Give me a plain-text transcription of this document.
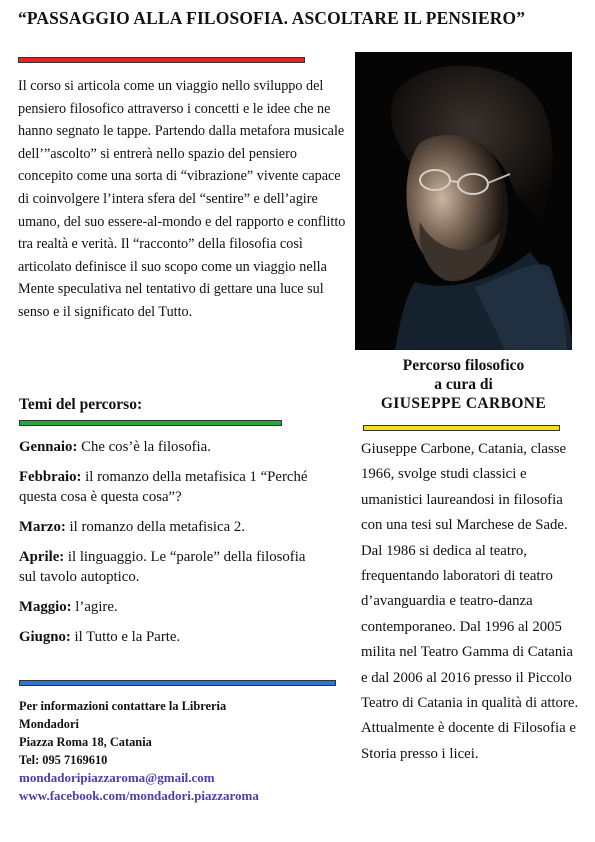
“PASSAGGIO ALLA FILOSOFIA. ASCOLTARE IL PENSIERO”

Il corso si articola come un viaggio nello sviluppo del pensiero filosofico attraverso i concetti e le idee che ne hanno segnato le tappe. Partendo dalla metafora musicale dell’”ascolto” si entrerà nello spazio del pensiero concepito come una sorta di “vibrazione” vivente capace di coinvolgere l’intera sfera del “sentire” e dell’agire umano, del suo essere-al-mondo e del rapporto e conflitto tra realtà e verità. Il “racconto” della filosofia così articolato definisce il suo scopo come un viaggio nella Mente speculativa nel tentativo di gettare una luce sul senso e il significato del Tutto.

Percorso filosofico
a cura di
GIUSEPPE CARBONE

Giuseppe Carbone, Catania, classe 1966, svolge studi classici e umanistici laureandosi in filosofia con una tesi sul Marchese de Sade. Dal 1986 si dedica al teatro, frequentando laboratori di teatro d’avanguardia e teatro-danza contemporaneo. Dal 1996 al 2005 milita nel Teatro Gamma di Catania e dal 2006 al 2016 presso il Piccolo Teatro di Catania in qualità di attore. Attualmente è docente di Filosofia e Storia presso i licei.

Temi del percorso:
Gennaio: Che cos’è la filosofia.
Febbraio: il romanzo della metafisica 1 “Perché questa cosa è questa cosa”?
Marzo: il romanzo della metafisica 2.
Aprile: il linguaggio. Le “parole” della filosofia sul tavolo autoptico.
Maggio: l’agire.
Giugno: il Tutto e la Parte.
Per informazioni contattare la Libreria
Mondadori
Piazza Roma 18, Catania
Tel: 095 7169610
mondadoripiazzaroma@gmail.com
www.facebook.com/mondadori.piazzaroma
